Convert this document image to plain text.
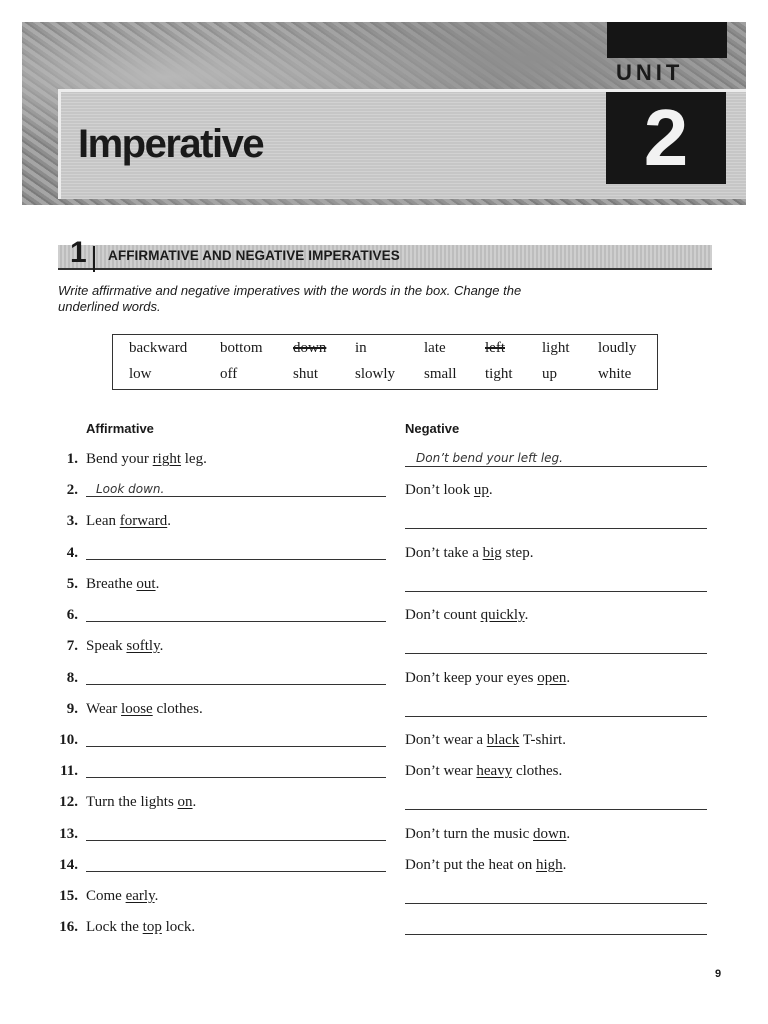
UNIT
Imperative	2
1 AFFIRMATIVE AND NEGATIVE IMPERATIVES
Write affirmative and negative imperatives with the words in the box. Change the underlined words.
backward bottom down in	late	left light loudly
low	off	shut slowly small tight up	white
Affirmative	Negative
1. Bend your right leg.	Don’t bend your left leg.
2. Look down.	Don’t look up.
3. Lean forward.
4.	Don’t take a big step.
5. Breathe out.
6.	Don’t count quickly.
7. Speak softly.
8.	Don’t keep your eyes open.
9. Wear loose clothes.
10.	Don’t wear a black T-shirt.
11.	Don’t wear heavy clothes.
12. Turn the lights on.
13.	Don’t turn the music down.
14.	Don’t put the heat on high.
15. Come early.
16. Lock the top lock.
9
